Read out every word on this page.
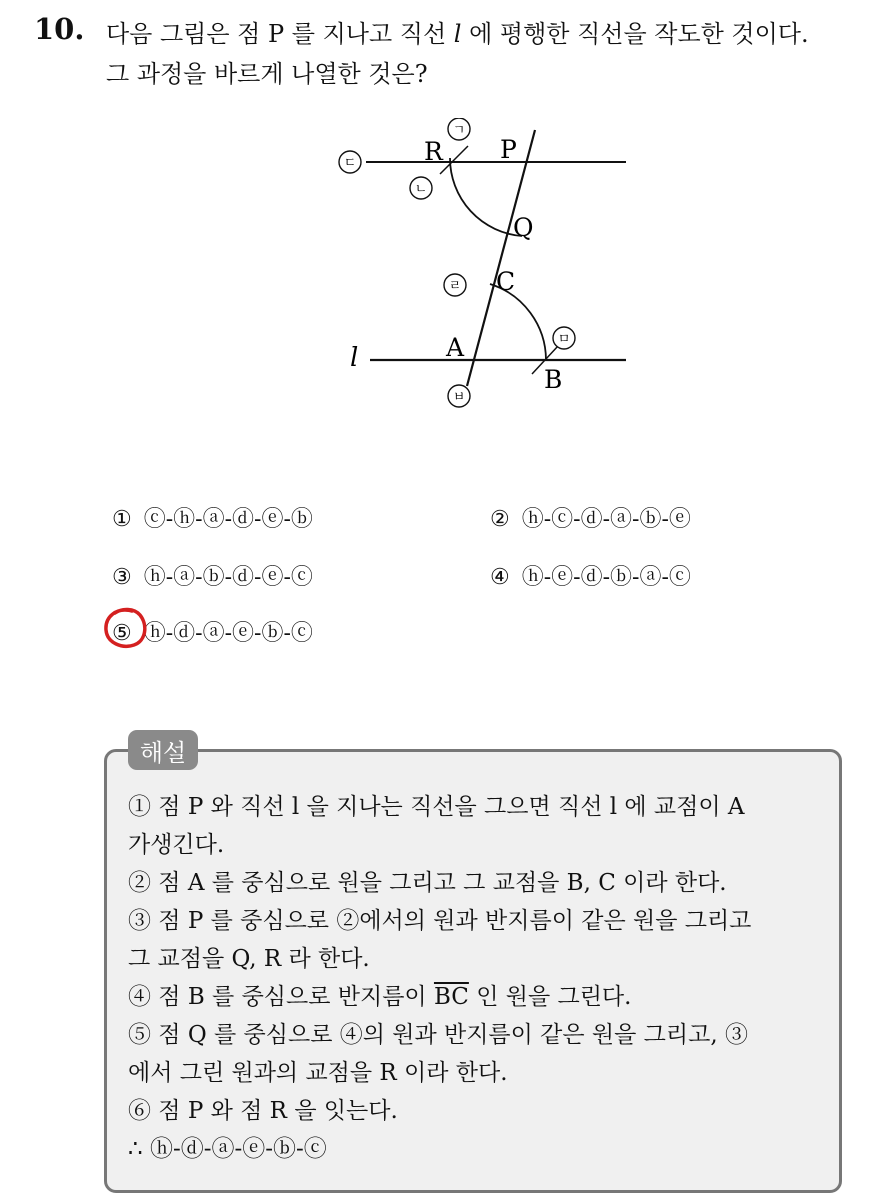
10. 다음 그림은 점 P 를 지나고 직선 l 에 평행한 직선을 작도한 것이다.
그 과정을 바르게 나열한 것은?
R P
Q
C
A
B
l
ㄱ
ㄴ
ㄷ
ㄹ
ㅁ
ㅂ
① ⓒ-ⓗ-ⓐ-ⓓ-ⓔ-ⓑ	② ⓗ-ⓒ-ⓓ-ⓐ-ⓑ-ⓔ
③ ⓗ-ⓐ-ⓑ-ⓓ-ⓔ-ⓒ	④ ⓗ-ⓔ-ⓓ-ⓑ-ⓐ-ⓒ
⑤ ⓗ-ⓓ-ⓐ-ⓔ-ⓑ-ⓒ
해설
① 점 P 와 직선 l 을 지나는 직선을 그으면 직선 l 에 교점이 A
가생긴다.
② 점 A 를 중심으로 원을 그리고 그 교점을 B, C 이라 한다.
③ 점 P 를 중심으로 ②에서의 원과 반지름이 같은 원을 그리고
그 교점을 Q, R 라 한다.
④ 점 B 를 중심으로 반지름이 $\overline{BC}$ 인 원을 그린다.
⑤ 점 Q 를 중심으로 ④의 원과 반지름이 같은 원을 그리고, ③
에서 그린 원과의 교점을 R 이라 한다.
⑥ 점 P 와 점 R 을 잇는다.
∴ ⓗ-ⓓ-ⓐ-ⓔ-ⓑ-ⓒ
